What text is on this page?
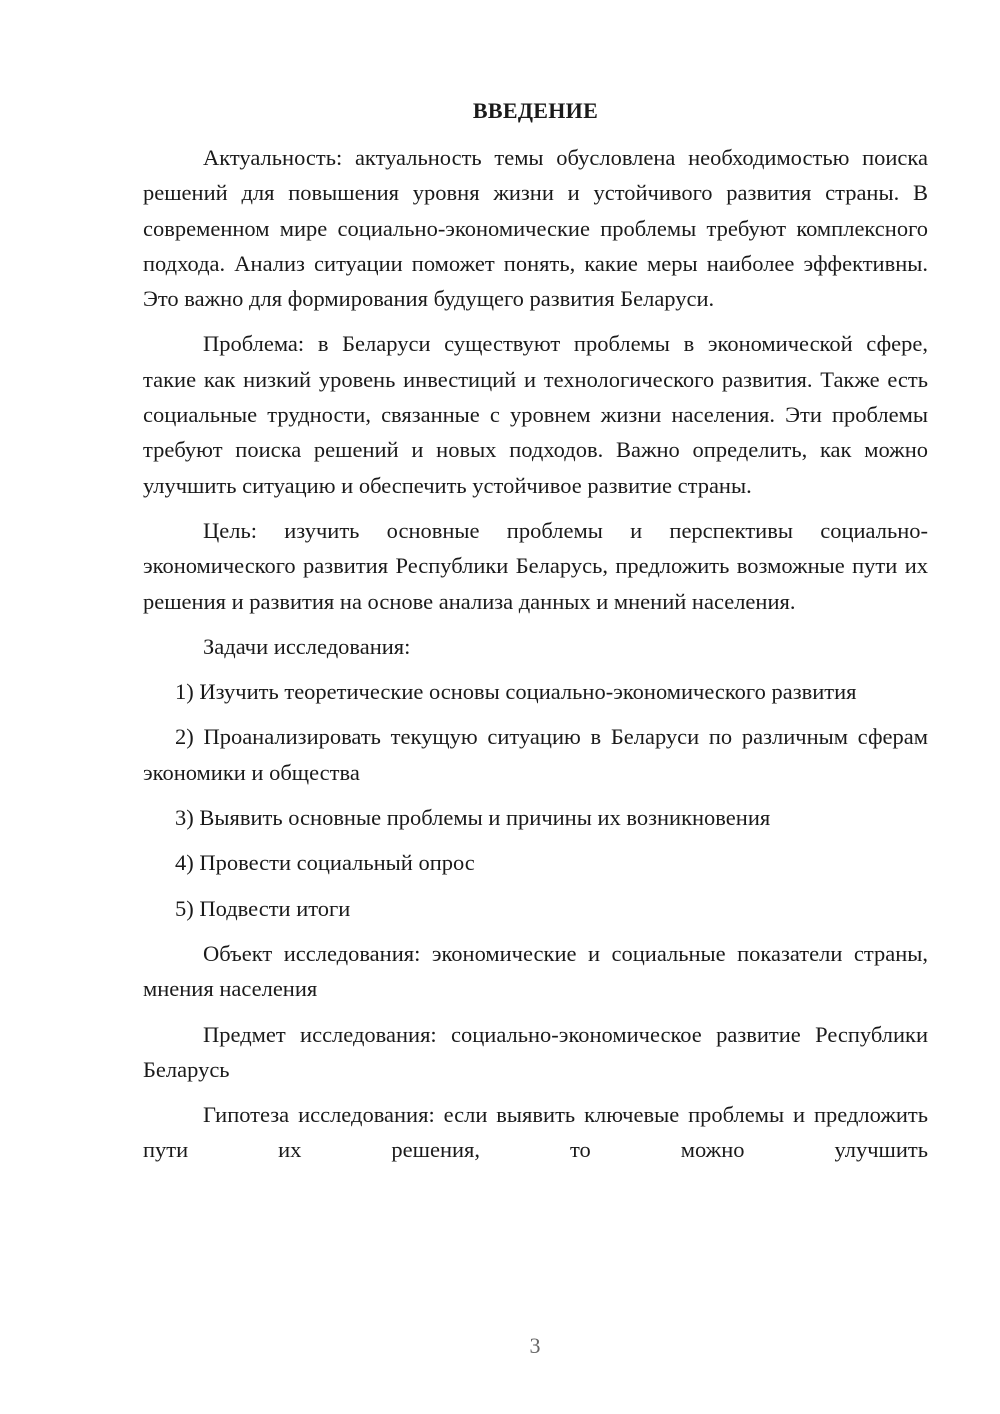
ВВЕДЕНИЕ

Актуальность: актуальность темы обусловлена необходимостью поиска решений для повышения уровня жизни и устойчивого развития страны. В современном мире социально-экономические проблемы требуют комплексного подхода. Анализ ситуации поможет понять, какие меры наиболее эффективны. Это важно для формирования будущего развития Беларуси.

Проблема: в Беларуси существуют проблемы в экономической сфере, такие как низкий уровень инвестиций и технологического развития. Также есть социальные трудности, связанные с уровнем жизни населения. Эти проблемы требуют поиска решений и новых подходов. Важно определить, как можно улучшить ситуацию и обеспечить устойчивое развитие страны.

Цель: изучить основные проблемы и перспективы социально-экономического развития Республики Беларусь, предложить возможные пути их решения и развития на основе анализа данных и мнений населения.

Задачи исследования:

1) Изучить теоретические основы социально-экономического развития

2) Проанализировать текущую ситуацию в Беларуси по различным сферам экономики и общества

3) Выявить основные проблемы и причины их возникновения

4) Провести социальный опрос

5) Подвести итоги

Объект исследования: экономические и социальные показатели страны, мнения населения

Предмет исследования: социально-экономическое развитие Республики Беларусь

Гипотеза исследования: если выявить ключевые проблемы и предложить пути их решения, то можно улучшить

3
